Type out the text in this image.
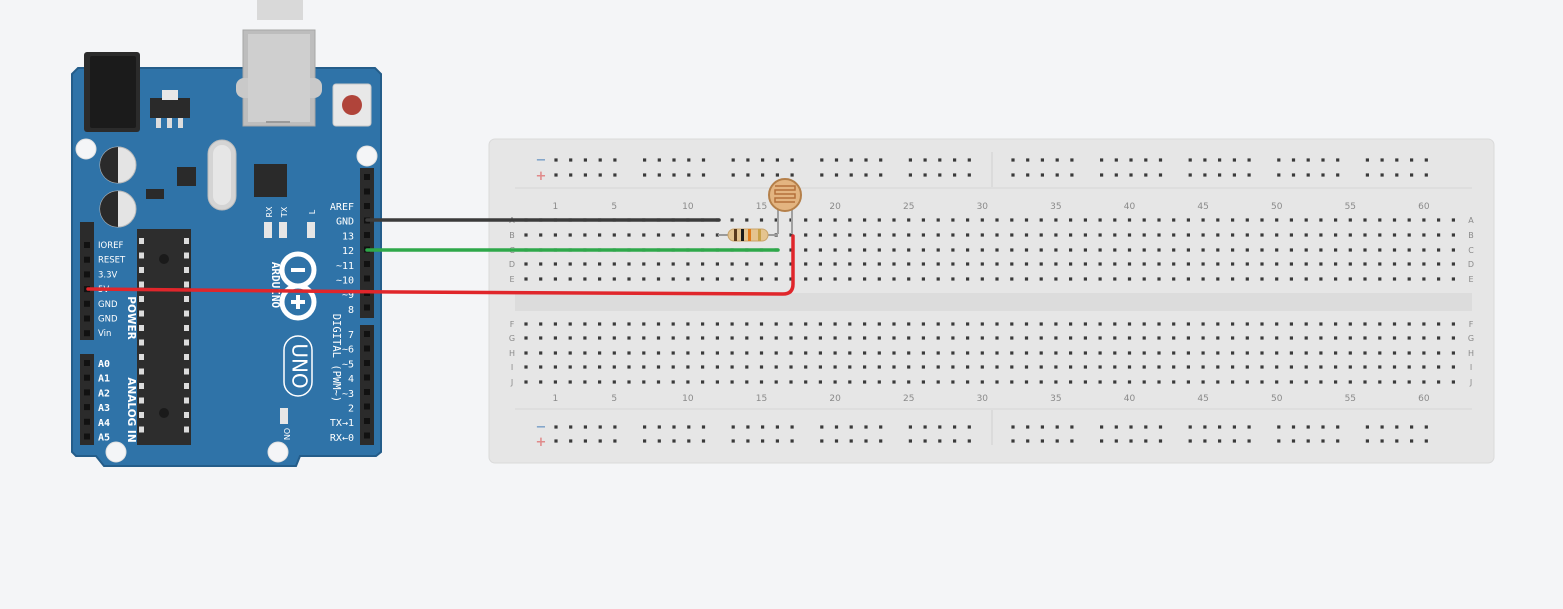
RX TX L
ON
ARDUINO
UNO
IOREF
RESET
3.3V
5V
GND
GND
Vin
A0
A1
A2
A3
A4
A5
AREF
GND
13
12
~11
~10
~9
8
7
~6
~5
4
~3
2
TX→1
RX←0
POWER
ANALOG IN
DIGITAL (PWM~)
−
+
−
+
1
1
5
5
10
10
15
15
20
20
25
25
30
30
35
35
40
40
45
45
50
50
55
55
60
60
A	A
B	B
C	C
D	D
E	E
F	F
G	G
H	H
I	I
J	J
